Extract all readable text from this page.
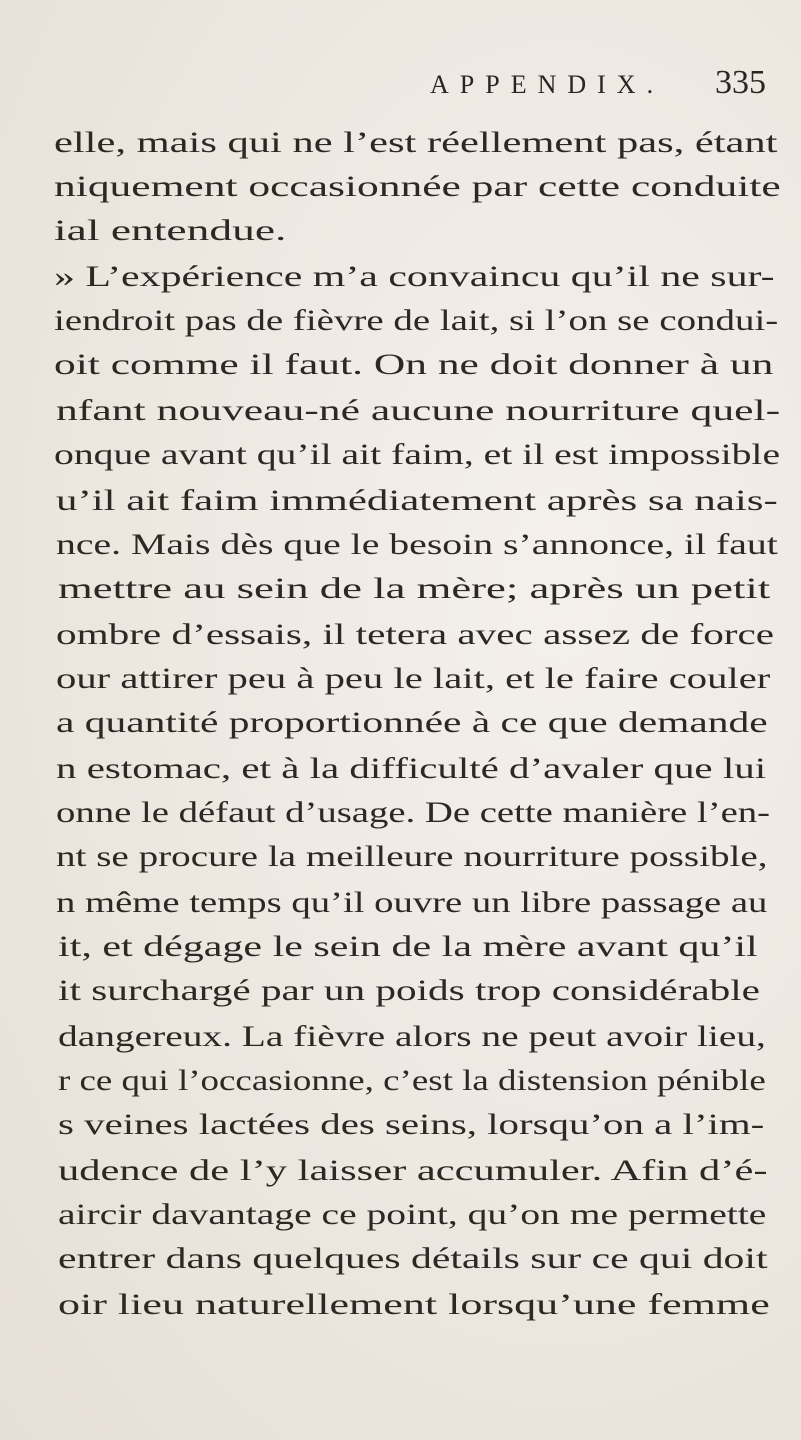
APPENDIX. 335
elle, mais qui ne l’est réellement pas, étant
niquement occasionnée par cette conduite
ial entendue.
» L’expérience m’a convaincu qu’il ne sur-
iendroit pas de fièvre de lait, si l’on se condui-
oit comme il faut. On ne doit donner à un
nfant nouveau-né aucune nourriture quel-
onque avant qu’il ait faim, et il est impossible
u’il ait faim immédiatement après sa nais-
nce. Mais dès que le besoin s’annonce, il faut
mettre au sein de la mère; après un petit
ombre d’essais, il tetera avec assez de force
our attirer peu à peu le lait, et le faire couler
a quantité proportionnée à ce que demande
n estomac, et à la difficulté d’avaler que lui
onne le défaut d’usage. De cette manière l’en-
nt se procure la meilleure nourriture possible,
n même temps qu’il ouvre un libre passage au
it, et dégage le sein de la mère avant qu’il
it surchargé par un poids trop considérable
dangereux. La fièvre alors ne peut avoir lieu,
r ce qui l’occasionne, c’est la distension pénible
s veines lactées des seins, lorsqu’on a l’im-
udence de l’y laisser accumuler. Afin d’é-
aircir davantage ce point, qu’on me permette
entrer dans quelques détails sur ce qui doit
oir lieu naturellement lorsqu’une femme
